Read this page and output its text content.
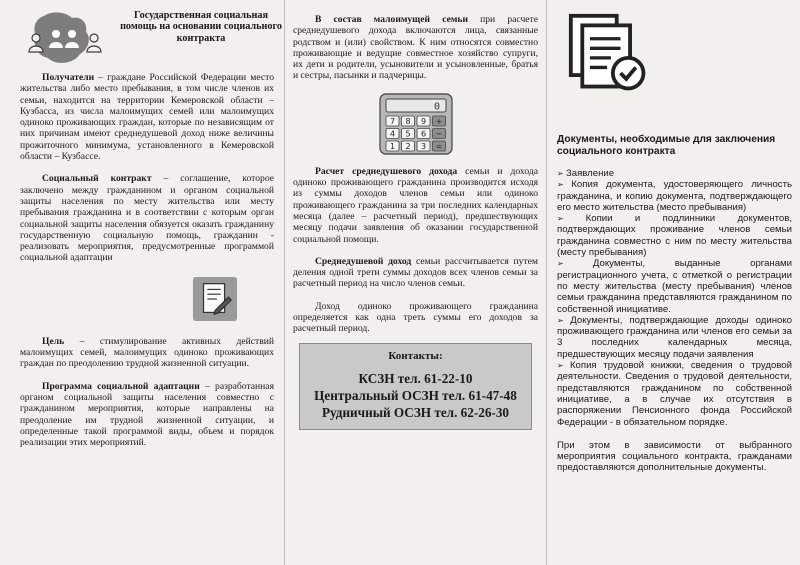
Государственная социальная помощь на основании социального контракта

Получатели – граждане Российской Федерации место жительства либо место пребывания, в том числе членов их семьи, находится на территории Кемеровской области – Кузбасса, из числа малоимущих семей или малоимущих одиноко проживающих граждан, которые по независящим от них причинам имеют среднедушевой доход ниже величины прожиточного минимума, установленного в Кемеровской области – Кузбассе.

Социальный контракт – соглашение, которое заключено между гражданином и органом социальной защиты населения по месту жительства или месту пребывания гражданина и в соответствии с которым орган социальной защиты населения обязуется оказать гражданину государственную социальную помощь, гражданин - реализовать мероприятия, предусмотренные программой социальной адаптации

Цель – стимулирование активных действий малоимущих семей, малоимущих одиноко проживающих граждан по преодолению трудной жизненной ситуации.

Программа социальной адаптации – разработанная органом социальной защиты населения совместно с гражданином мероприятия, которые направлены на преодоление им трудной жизненной ситуации, и определенные такой программой виды, объем и порядок реализации этих мероприятий.

В состав малоимущей семьи при расчете среднедушевого дохода включаются лица, связанные родством и (или) свойством. К ним относятся совместно проживающие и ведущие совместное хозяйство супруги, их дети и родители, усыновители и усыновленные, братья и сестры, пасынки и падчерицы.

0
7 8 9 +
4 5 6 −
1 2 3 =

Расчет среднедушевого дохода семьи и дохода одиноко проживающего гражданина производится исходя из суммы доходов членов семьи или одиноко проживающего гражданина за три последних календарных месяца (далее – расчетный период), предшествующих месяцу подачи заявления об оказании государственной социальной помощи.

Среднедушевой доход семьи рассчитывается путем деления одной трети суммы доходов всех членов семьи за расчетный период на число членов семьи.

Доход одиноко проживающего гражданина определяется как одна треть суммы его доходов за расчетный период.

Контакты:
КСЗН тел. 61-22-10
Центральный ОСЗН тел. 61-47-48
Рудничный ОСЗН тел. 62-26-30

Документы, необходимые для заключения социального контракта

➢ Заявление

➢ Копия документа, удостоверяющего личность гражданина, и копию документа, подтверждающего его место жительства (место пребывания)

➢ Копии и подлинники документов, подтверждающих проживание членов семьи гражданина совместно с ним по месту жительства (месту пребывания)

➢ Документы, выданные органами регистрационного учета, с отметкой о регистрации по месту жительства (месту пребывания) членов семьи гражданина представляются гражданином по собственной инициативе.

➢ Документы, подтверждающие доходы одиноко проживающего гражданина или членов его семьи за 3 последних календарных месяца, предшествующих месяцу подачи заявления

➢ Копия трудовой книжки, сведения о трудовой деятельности. Сведения о трудовой деятельности, представляются гражданином по собственной инициативе, а в случае их отсутствия в распоряжении Пенсионного фонда Российской Федерации - в обязательном порядке.

При этом в зависимости от выбранного мероприятия социального контракта, гражданами предоставляются дополнительные документы.
